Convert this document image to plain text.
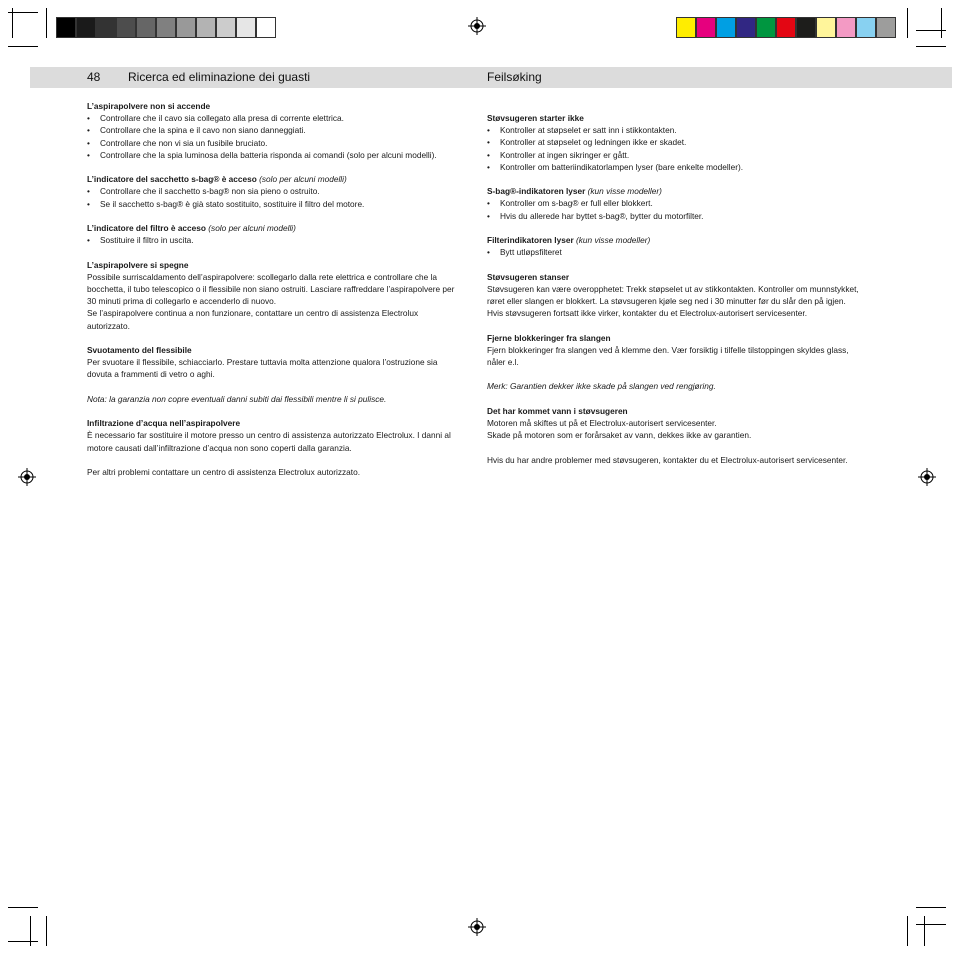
48 Ricerca ed eliminazione dei guasti	Feilsøking
L’aspirapolvere non si accende
• Controllare che il cavo sia collegato alla presa di corrente elettrica.
• Controllare che la spina e il cavo non siano danneggiati.
• Controllare che non vi sia un fusibile bruciato.
• Controllare che la spia luminosa della batteria risponda ai comandi (solo per alcuni modelli).
L’indicatore del sacchetto s-bag® è acceso (solo per alcuni modelli)
• Controllare che il sacchetto s-bag® non sia pieno o ostruito.
• Se il sacchetto s-bag® è già stato sostituito, sostituire il filtro del motore.
L’indicatore del filtro è acceso (solo per alcuni modelli)
• Sostituire il filtro in uscita.
L’aspirapolvere si spegne

Possibile surriscaldamento dell’aspirapolvere: scollegarlo dalla rete elettrica e controllare che la bocchetta, il tubo telescopico o il flessibile non siano ostruiti. Lasciare raffreddare l’aspirapolvere per 30 minuti prima di collegarlo e accenderlo di nuovo.

Se l’aspirapolvere continua a non funzionare, contattare un centro di assistenza Electrolux autorizzato.

Svuotamento del flessibile

Per svuotare il flessibile, schiacciarlo. Prestare tuttavia molta attenzione qualora l’ostruzione sia dovuta a frammenti di vetro o aghi.

Nota: la garanzia non copre eventuali danni subiti dai flessibili mentre li si pulisce.

Infiltrazione d’acqua nell’aspirapolvere

È necessario far sostituire il motore presso un centro di assistenza autorizzato Electrolux. I danni al motore causati dall’infiltrazione d’acqua non sono coperti dalla garanzia.

Per altri problemi contattare un centro di assistenza Electrolux autorizzato.

Støvsugeren starter ikke
• Kontroller at støpselet er satt inn i stikkontakten.
• Kontroller at støpselet og ledningen ikke er skadet.
• Kontroller at ingen sikringer er gått.
• Kontroller om batteriindikatorlampen lyser (bare enkelte modeller).
S-bag®-indikatoren lyser (kun visse modeller)
• Kontroller om s-bag® er full eller blokkert.
• Hvis du allerede har byttet s-bag®, bytter du motorfilter.
Filterindikatoren lyser (kun visse modeller)
• Bytt utløpsfilteret
Støvsugeren stanser

Støvsugeren kan være overopphetet: Trekk støpselet ut av stikkontakten. Kontroller om munnstykket, røret eller slangen er blokkert. La støvsugeren kjøle seg ned i 30 minutter før du slår den på igjen.

Hvis støvsugeren fortsatt ikke virker, kontakter du et Electrolux-autorisert servicesenter.

Fjerne blokkeringer fra slangen

Fjern blokkeringer fra slangen ved å klemme den. Vær forsiktig i tilfelle tilstoppingen skyldes glass, nåler e.l.

Merk: Garantien dekker ikke skade på slangen ved rengjøring.

Det har kommet vann i støvsugeren

Motoren må skiftes ut på et Electrolux-autorisert servicesenter.

Skade på motoren som er forårsaket av vann, dekkes ikke av garantien.

Hvis du har andre problemer med støvsugeren, kontakter du et Electrolux-autorisert servicesenter.
